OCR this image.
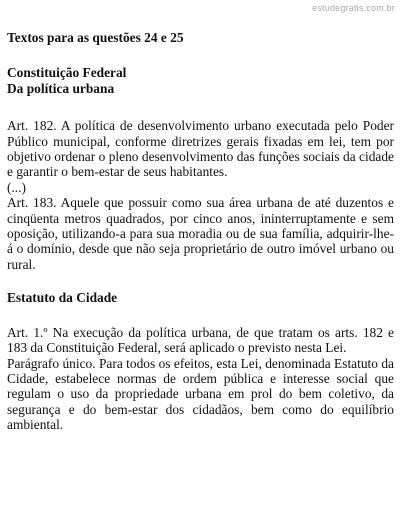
estudegratis.com.br

Textos para as questões 24 e 25

Constituição Federal

Da política urbana

Art. 182. A política de desenvolvimento urbano executada pelo Poder Público municipal, conforme diretrizes gerais fixadas em lei, tem por objetivo ordenar o pleno desenvolvimento das funções sociais da cidade e garantir o bem-estar de seus habitantes.

(...)

Art. 183. Aquele que possuir como sua área urbana de até duzentos e cinqüenta metros quadrados, por cinco anos, ininterruptamente e sem oposição, utilizando-a para sua moradia ou de sua família, adquirir-lhe-á o domínio, desde que não seja proprietário de outro imóvel urbano ou rural.

Estatuto da Cidade

Art. 1.º Na execução da política urbana, de que tratam os arts. 182 e 183 da Constituição Federal, será aplicado o previsto nesta Lei.

Parágrafo único. Para todos os efeitos, esta Lei, denominada Estatuto da Cidade, estabelece normas de ordem pública e interesse social que regulam o uso da propriedade urbana em prol do bem coletivo, da segurança e do bem-estar dos cidadãos, bem como do equilíbrio ambiental.
